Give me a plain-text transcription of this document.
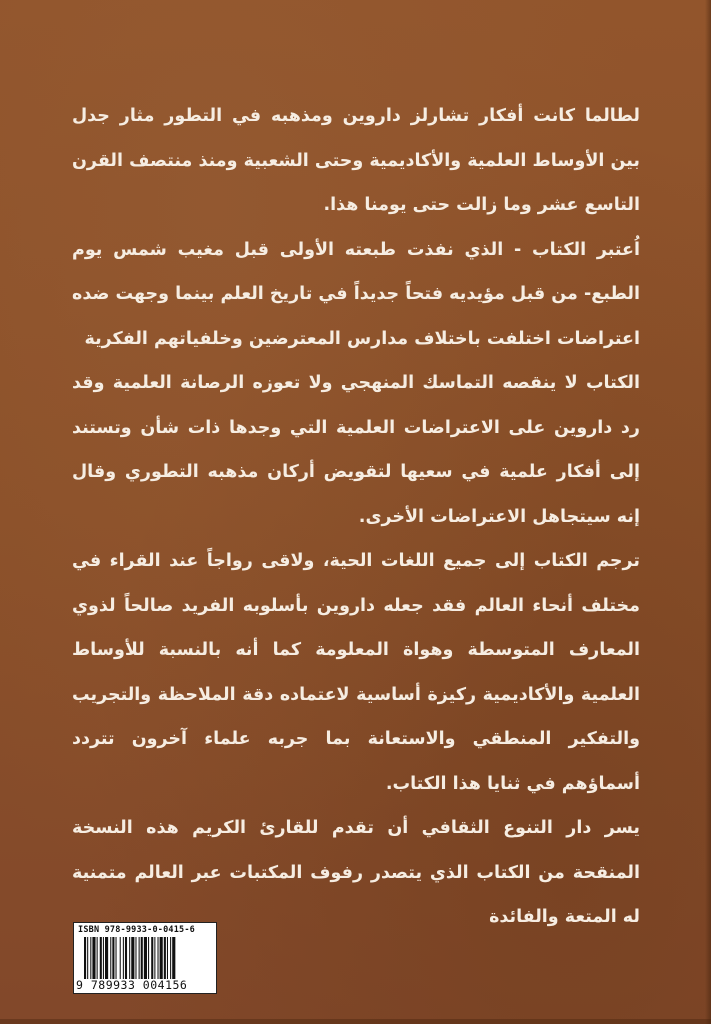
لطالما كانت أفكار تشارلز داروين ومذهبه في التطور مثار جدل بين الأوساط العلمية والأكاديمية وحتى الشعبية ومنذ منتصف القرن التاسع عشر وما زالت حتى يومنا هذا.

اُعتبر الكتاب - الذي نفذت طبعته الأولى قبل مغيب شمس يوم الطبع- من قبل مؤيديه فتحاً جديداً في تاريخ العلم بينما وجهت ضده اعتراضات اختلفت باختلاف مدارس المعترضين وخلفياتهم الفكرية

الكتاب لا ينقصه التماسك المنهجي ولا تعوزه الرصانة العلمية وقد رد داروين على الاعتراضات العلمية التي وجدها ذات شأن وتستند إلى أفكار علمية في سعيها لتقويض أركان مذهبه التطوري وقال إنه سيتجاهل الاعتراضات الأخرى.

ترجم الكتاب إلى جميع اللغات الحية، ولاقى رواجاً عند القراء في مختلف أنحاء العالم فقد جعله داروين بأسلوبه الفريد صالحاً لذوي المعارف المتوسطة وهواة المعلومة كما أنه بالنسبة للأوساط العلمية والأكاديمية ركيزة أساسية لاعتماده دقة الملاحظة والتجريب والتفكير المنطقي والاستعانة بما جربه علماء آخرون تتردد أسماؤهم في ثنايا هذا الكتاب.

يسر دار التنوع الثقافي أن تقدم للقارئ الكريم هذه النسخة المنقحة من الكتاب الذي يتصدر رفوف المكتبات عبر العالم متمنية له المتعة والفائدة

ISBN 978-9933-0-0415-6
9 789933 004156
